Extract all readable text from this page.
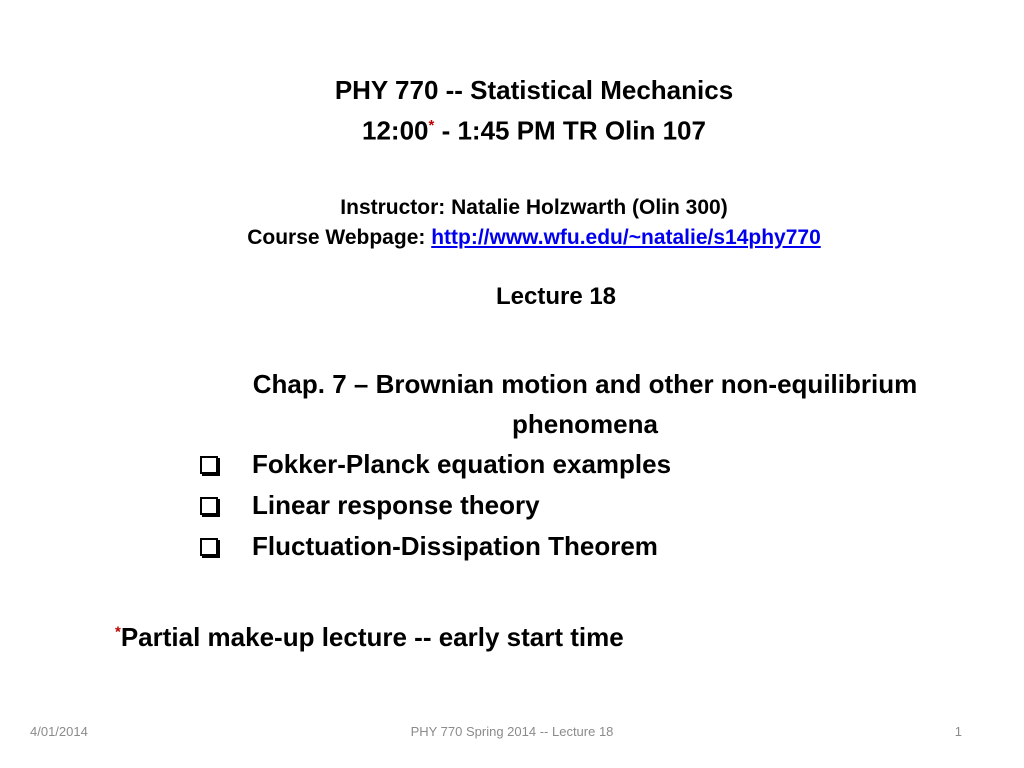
PHY 770 -- Statistical Mechanics
12:00* - 1:45 PM TR Olin 107
Instructor: Natalie Holzwarth (Olin 300)
Course Webpage: http://www.wfu.edu/~natalie/s14phy770
Lecture 18
Chap. 7 – Brownian motion and other non-equilibrium phenomena
Fokker-Planck equation examples
Linear response theory
Fluctuation-Dissipation Theorem
*Partial make-up lecture -- early start time
4/01/2014	PHY 770 Spring 2014 -- Lecture 18	1
